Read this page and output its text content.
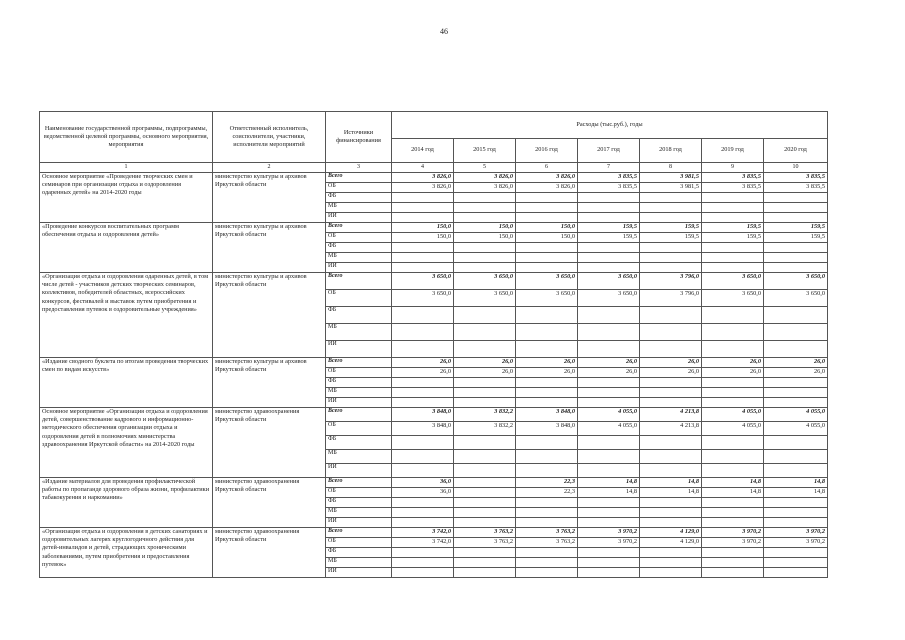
46
Наименование государственной программы, подпрограммы, ведомственной целевой программы, основного мероприятия, мероприятия	Ответственный исполнитель, соисполнители, участники, исполнители мероприятий	Источники финансирования	Расходы (тыс.руб.), годы						
			2014 год	2015 год	2016 год	2017 год	2018 год	2019 год	2020 год
1	2	3	4	5	6	7	8	9	10
Основное мероприятие «Проведение творческих смен и семинаров при организации отдыха и оздоровления одаренных детей» на 2014-2020 годы	министерство культуры и архивов Иркутской области	Всего	3 826,0	3 826,0	3 826,0	3 835,5	3 981,5	3 835,5	3 835,5
		ОБ	3 826,0	3 826,0	3 826,0	3 835,5	3 981,5	3 835,5	3 835,5
		ФБ							
		МБ							
		ИИ							
«Проведение конкурсов воспитательных программ обеспечения отдыха и оздоровления детей»	министерство культуры и архивов Иркутской области	Всего	150,0	150,0	150,0	159,5	159,5	159,5	159,5
		ОБ	150,0	150,0	150,0	159,5	159,5	159,5	159,5
		ФБ							
		МБ							
		ИИ							
«Организация отдыха и оздоровления одаренных детей, в том числе детей - участников детских творческих семинаров, коллективов, победителей областных, всероссийских конкурсов, фестивалей и выставок путем приобретения и предоставления путевок в оздоровительные учреждения»	министерство культуры и архивов Иркутской области	Всего	3 650,0	3 650,0	3 650,0	3 650,0	3 796,0	3 650,0	3 650,0
		ОБ	3 650,0	3 650,0	3 650,0	3 650,0	3 796,0	3 650,0	3 650,0
		ФБ							
		МБ							
		ИИ							
«Издание сводного буклета по итогам проведения творческих смен по видам искусств»	министерство культуры и архивов Иркутской области	Всего	26,0	26,0	26,0	26,0	26,0	26,0	26,0
		ОБ	26,0	26,0	26,0	26,0	26,0	26,0	26,0
		ФБ							
		МБ							
		ИИ							
Основное мероприятие «Организация отдыха и оздоровления детей, совершенствование кадрового и информационно-методического обеспечения организации отдыха и оздоровления детей в полномочиях министерства здравоохранения Иркутской области» на 2014-2020 годы	министерство здравоохранения Иркутской области	Всего	3 848,0	3 832,2	3 848,0	4 055,0	4 213,8	4 055,0	4 055,0
		ОБ	3 848,0	3 832,2	3 848,0	4 055,0	4 213,8	4 055,0	4 055,0
		ФБ							
		МБ							
		ИИ							
«Издание материалов для проведения профилактической работы по пропаганде здорового образа жизни, профилактики табакокурения и наркомании»	министерство здравоохранения Иркутской области	Всего	36,0		22,3	14,8	14,8	14,8	14,8
		ОБ	36,0		22,3	14,8	14,8	14,8	14,8
		ФБ							
		МБ							
		ИИ							
«Организация отдыха и оздоровления в детских санаториях и оздоровительных лагерях круглогодичного действия для детей-инвалидов и детей, страдающих хроническими заболеваниями, путем приобретения и предоставления путевок»	министерство здравоохранения Иркутской области	Всего	3 742,0	3 763,2	3 763,2	3 970,2	4 129,0	3 970,2	3 970,2
		ОБ	3 742,0	3 763,2	3 763,2	3 970,2	4 129,0	3 970,2	3 970,2
		ФБ							
		МБ							
		ИИ							
